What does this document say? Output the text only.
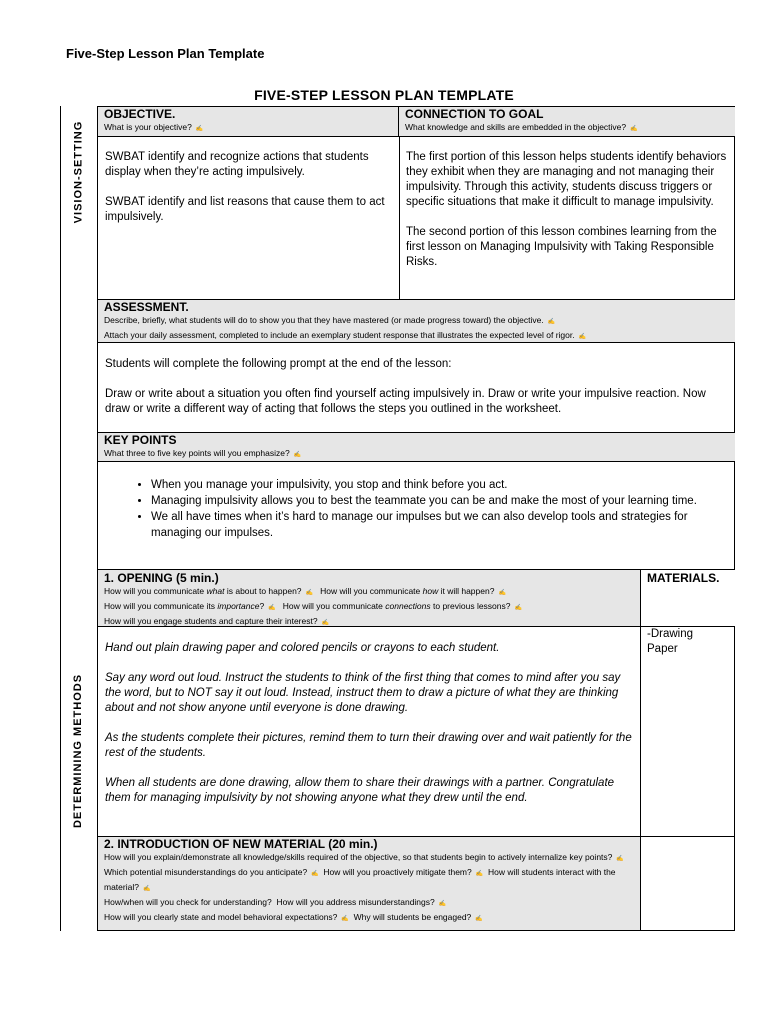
Five-Step Lesson Plan Template
FIVE-STEP LESSON PLAN TEMPLATE
VISION-SETTING
DETERMINING METHODS
OBJECTIVE.
What is your objective? ✍
CONNECTION TO GOAL
What knowledge and skills are embedded in the objective? ✍

SWBAT identify and recognize actions that students display when they’re acting impulsively.

SWBAT identify and list reasons that cause them to act impulsively.

The first portion of this lesson helps students identify behaviors they exhibit when they are managing and not managing their impulsivity. Through this activity, students discuss triggers or specific situations that make it difficult to manage impulsivity.

The second portion of this lesson combines learning from the first lesson on Managing Impulsivity with Taking Responsible Risks.

ASSESSMENT.
Describe, briefly, what students will do to show you that they have mastered (or made progress toward) the objective. ✍
Attach your daily assessment, completed to include an exemplary student response that illustrates the expected level of rigor. ✍

Students will complete the following prompt at the end of the lesson:

Draw or write about a situation you often find yourself acting impulsively in. Draw or write your impulsive reaction. Now draw or write a different way of acting that follows the steps you outlined in the worksheet.

KEY POINTS
What three to five key points will you emphasize? ✍
• When you manage your impulsivity, you stop and think before you act.
• Managing impulsivity allows you to best the teammate you can be and make the most of your learning time.
• We all have times when it’s hard to manage our impulses but we can also develop tools and strategies for managing our impulses.
1. OPENING (5 min.)
How will you communicate what is about to happen? ✍ How will you communicate how it will happen? ✍
How will you communicate its importance? ✍ How will you communicate connections to previous lessons? ✍
How will you engage students and capture their interest? ✍
MATERIALS.

Hand out plain drawing paper and colored pencils or crayons to each student.

Say any word out loud. Instruct the students to think of the first thing that comes to mind after you say the word, but to NOT say it out loud. Instead, instruct them to draw a picture of what they are thinking about and not show anyone until everyone is done drawing.

As the students complete their pictures, remind them to turn their drawing over and wait patiently for the rest of the students.

When all students are done drawing, allow them to share their drawings with a partner. Congratulate them for managing impulsivity by not showing anyone what they drew until the end.

-Drawing Paper
2. INTRODUCTION OF NEW MATERIAL (20 min.)
How will you explain/demonstrate all knowledge/skills required of the objective, so that students begin to actively internalize key points? ✍
Which potential misunderstandings do you anticipate? ✍ How will you proactively mitigate them? ✍ How will students interact with the material? ✍
How/when will you check for understanding? How will you address misunderstandings? ✍
How will you clearly state and model behavioral expectations? ✍ Why will students be engaged? ✍
